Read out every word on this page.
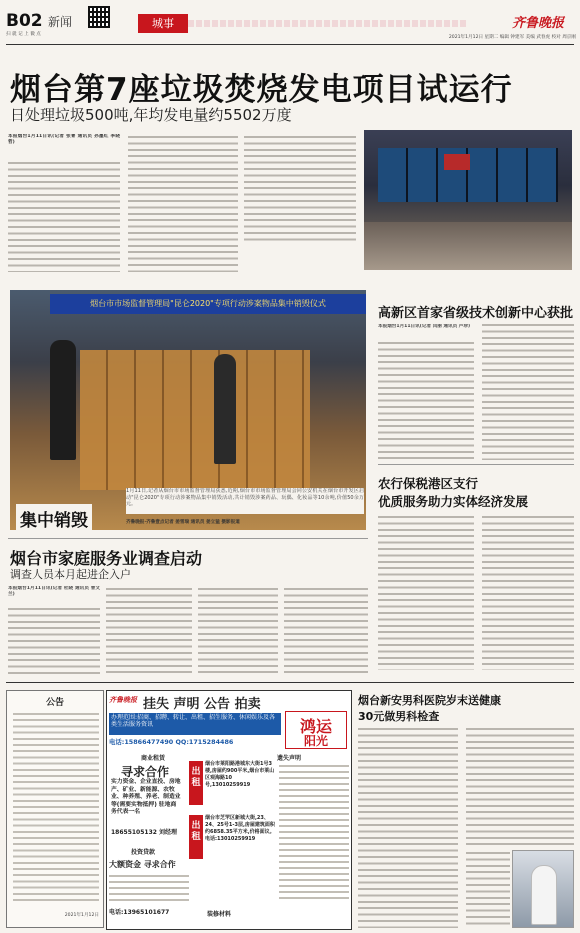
B02 新闻
扫 就 记 上 微 点
城事	齐鲁晚报
2021年1月12日 星期二 编辑 钟建军 美编 武春虎 校对 周京刚
烟台第7座垃圾焚烧发电项目试运行
日处理垃圾500吨,年均发电量约5502万度
本报烟台1月11日讯(记者 张菁 通讯员 孙墨红 李晓哲)
烟台市市场监督管理局"昆仑2020"专项行动涉案物品集中销毁仪式
集中销毁
1月11日,记者从烟台市市场监督管理局获悉,近期,烟台市市场监督管理局会同公安机关在烟台市开发区启动"昆仑2020"专项行动涉案物品集中销毁活动,共计销毁涉案药品、玩偶、化妆品等10余吨,价值50余万元。
齐鲁晚报·齐鲁壹点记者 姜雪瑞 通讯员 姜立猛 摄影报道
高新区首家省级技术创新中心获批
本报烟台1月11日讯(记者 闫丽 通讯员 卢珍)
农行保税港区支行
优质服务助力实体经济发展
烟台市家庭服务业调查启动
调查人员本月起进企入户
本报烟台1月11日讯(记者 杜晓 通讯员 曾文兰)
公告
2021年1月12日
齐鲁晚报 挂失 声明 公告 拍卖
办理范围:招商、招聘、转让、出租、招生服务、休闲娱乐及各类生活服务资讯
电话:15866477490 QQ:1715284486
鸿运
阳光
商业租赁	遗失声明
寻求合作
实力资金、企业直投、房地产、矿业、新能源、农牧业、种养殖、养老、制造业等(需要实物抵押) 驻地商务代表一名
18655105132 刘经理
投资贷款
大额资金 寻求合作
电话:13965101677
出租
烟台市莱阳路港城东大街1号3楼,房屋约900平米,烟台市莱山区观海路10号,13010259919
出租
烟台市芝罘区新城大街,23、24、25号1-3层,房屋建筑面积约6858.35平方米,价格面议。电话:13010259919
装修材料
烟台新安男科医院岁末送健康
30元做男科检查
